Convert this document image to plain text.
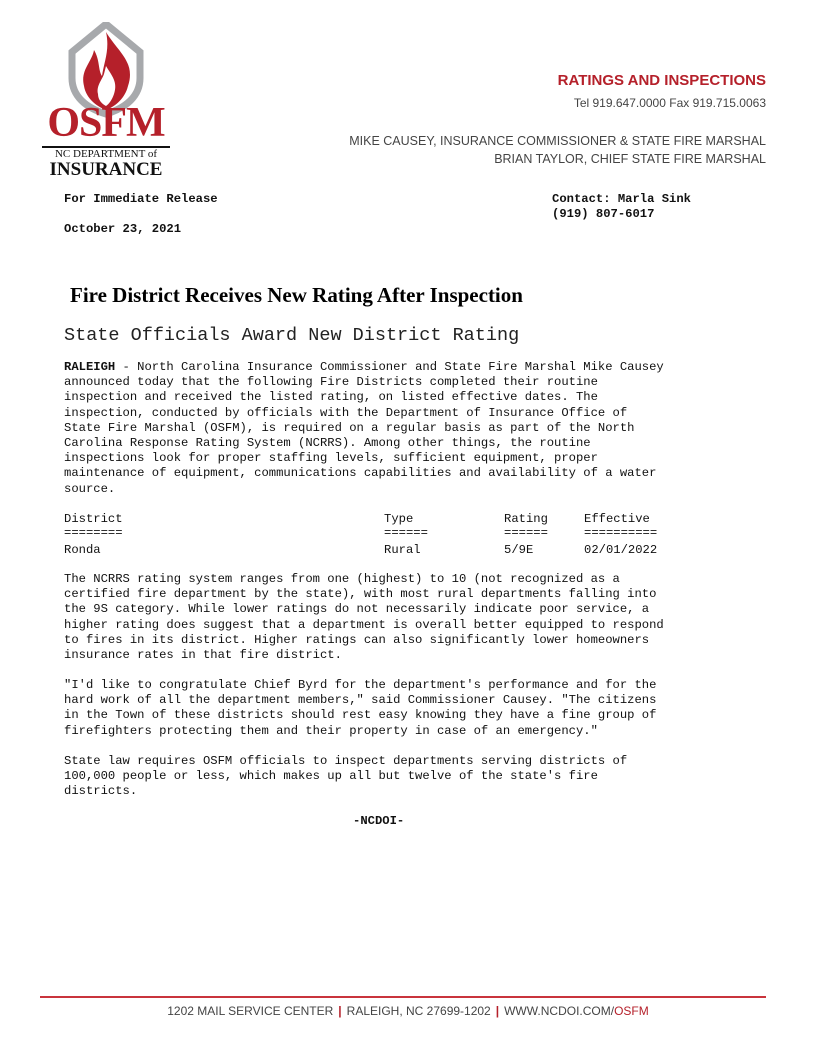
OSFM
NC DEPARTMENT of
INSURANCE
RATINGS AND INSPECTIONS
Tel 919.647.0000 Fax 919.715.0063
MIKE CAUSEY, INSURANCE COMMISSIONER & STATE FIRE MARSHAL
BRIAN TAYLOR, CHIEF STATE FIRE MARSHAL
For Immediate Release
October 23, 2021
Contact: Marla Sink
(919) 807-6017
Fire District Receives New Rating After Inspection
State Officials Award New District Rating
RALEIGH - North Carolina Insurance Commissioner and State Fire Marshal Mike Causey
announced today that the following Fire Districts completed their routine
inspection and received the listed rating, on listed effective dates. The
inspection, conducted by officials with the Department of Insurance Office of
State Fire Marshal (OSFM), is required on a regular basis as part of the North
Carolina Response Rating System (NCRRS). Among other things, the routine
inspections look for proper staffing levels, sufficient equipment, proper
maintenance of equipment, communications capabilities and availability of a water
source.
District	Type	Rating	Effective
========	======	======	==========
Ronda	Rural	5/9E	02/01/2022
The NCRRS rating system ranges from one (highest) to 10 (not recognized as a
certified fire department by the state), with most rural departments falling into
the 9S category. While lower ratings do not necessarily indicate poor service, a
higher rating does suggest that a department is overall better equipped to respond
to fires in its district. Higher ratings can also significantly lower homeowners
insurance rates in that fire district.
"I'd like to congratulate Chief Byrd for the department's performance and for the
hard work of all the department members," said Commissioner Causey. "The citizens
in the Town of these districts should rest easy knowing they have a fine group of
firefighters protecting them and their property in case of an emergency."
State law requires OSFM officials to inspect departments serving districts of
100,000 people or less, which makes up all but twelve of the state's fire
districts.
-NCDOI-
1202 MAIL SERVICE CENTER | RALEIGH, NC 27699-1202 | WWW.NCDOI.COM/OSFM
